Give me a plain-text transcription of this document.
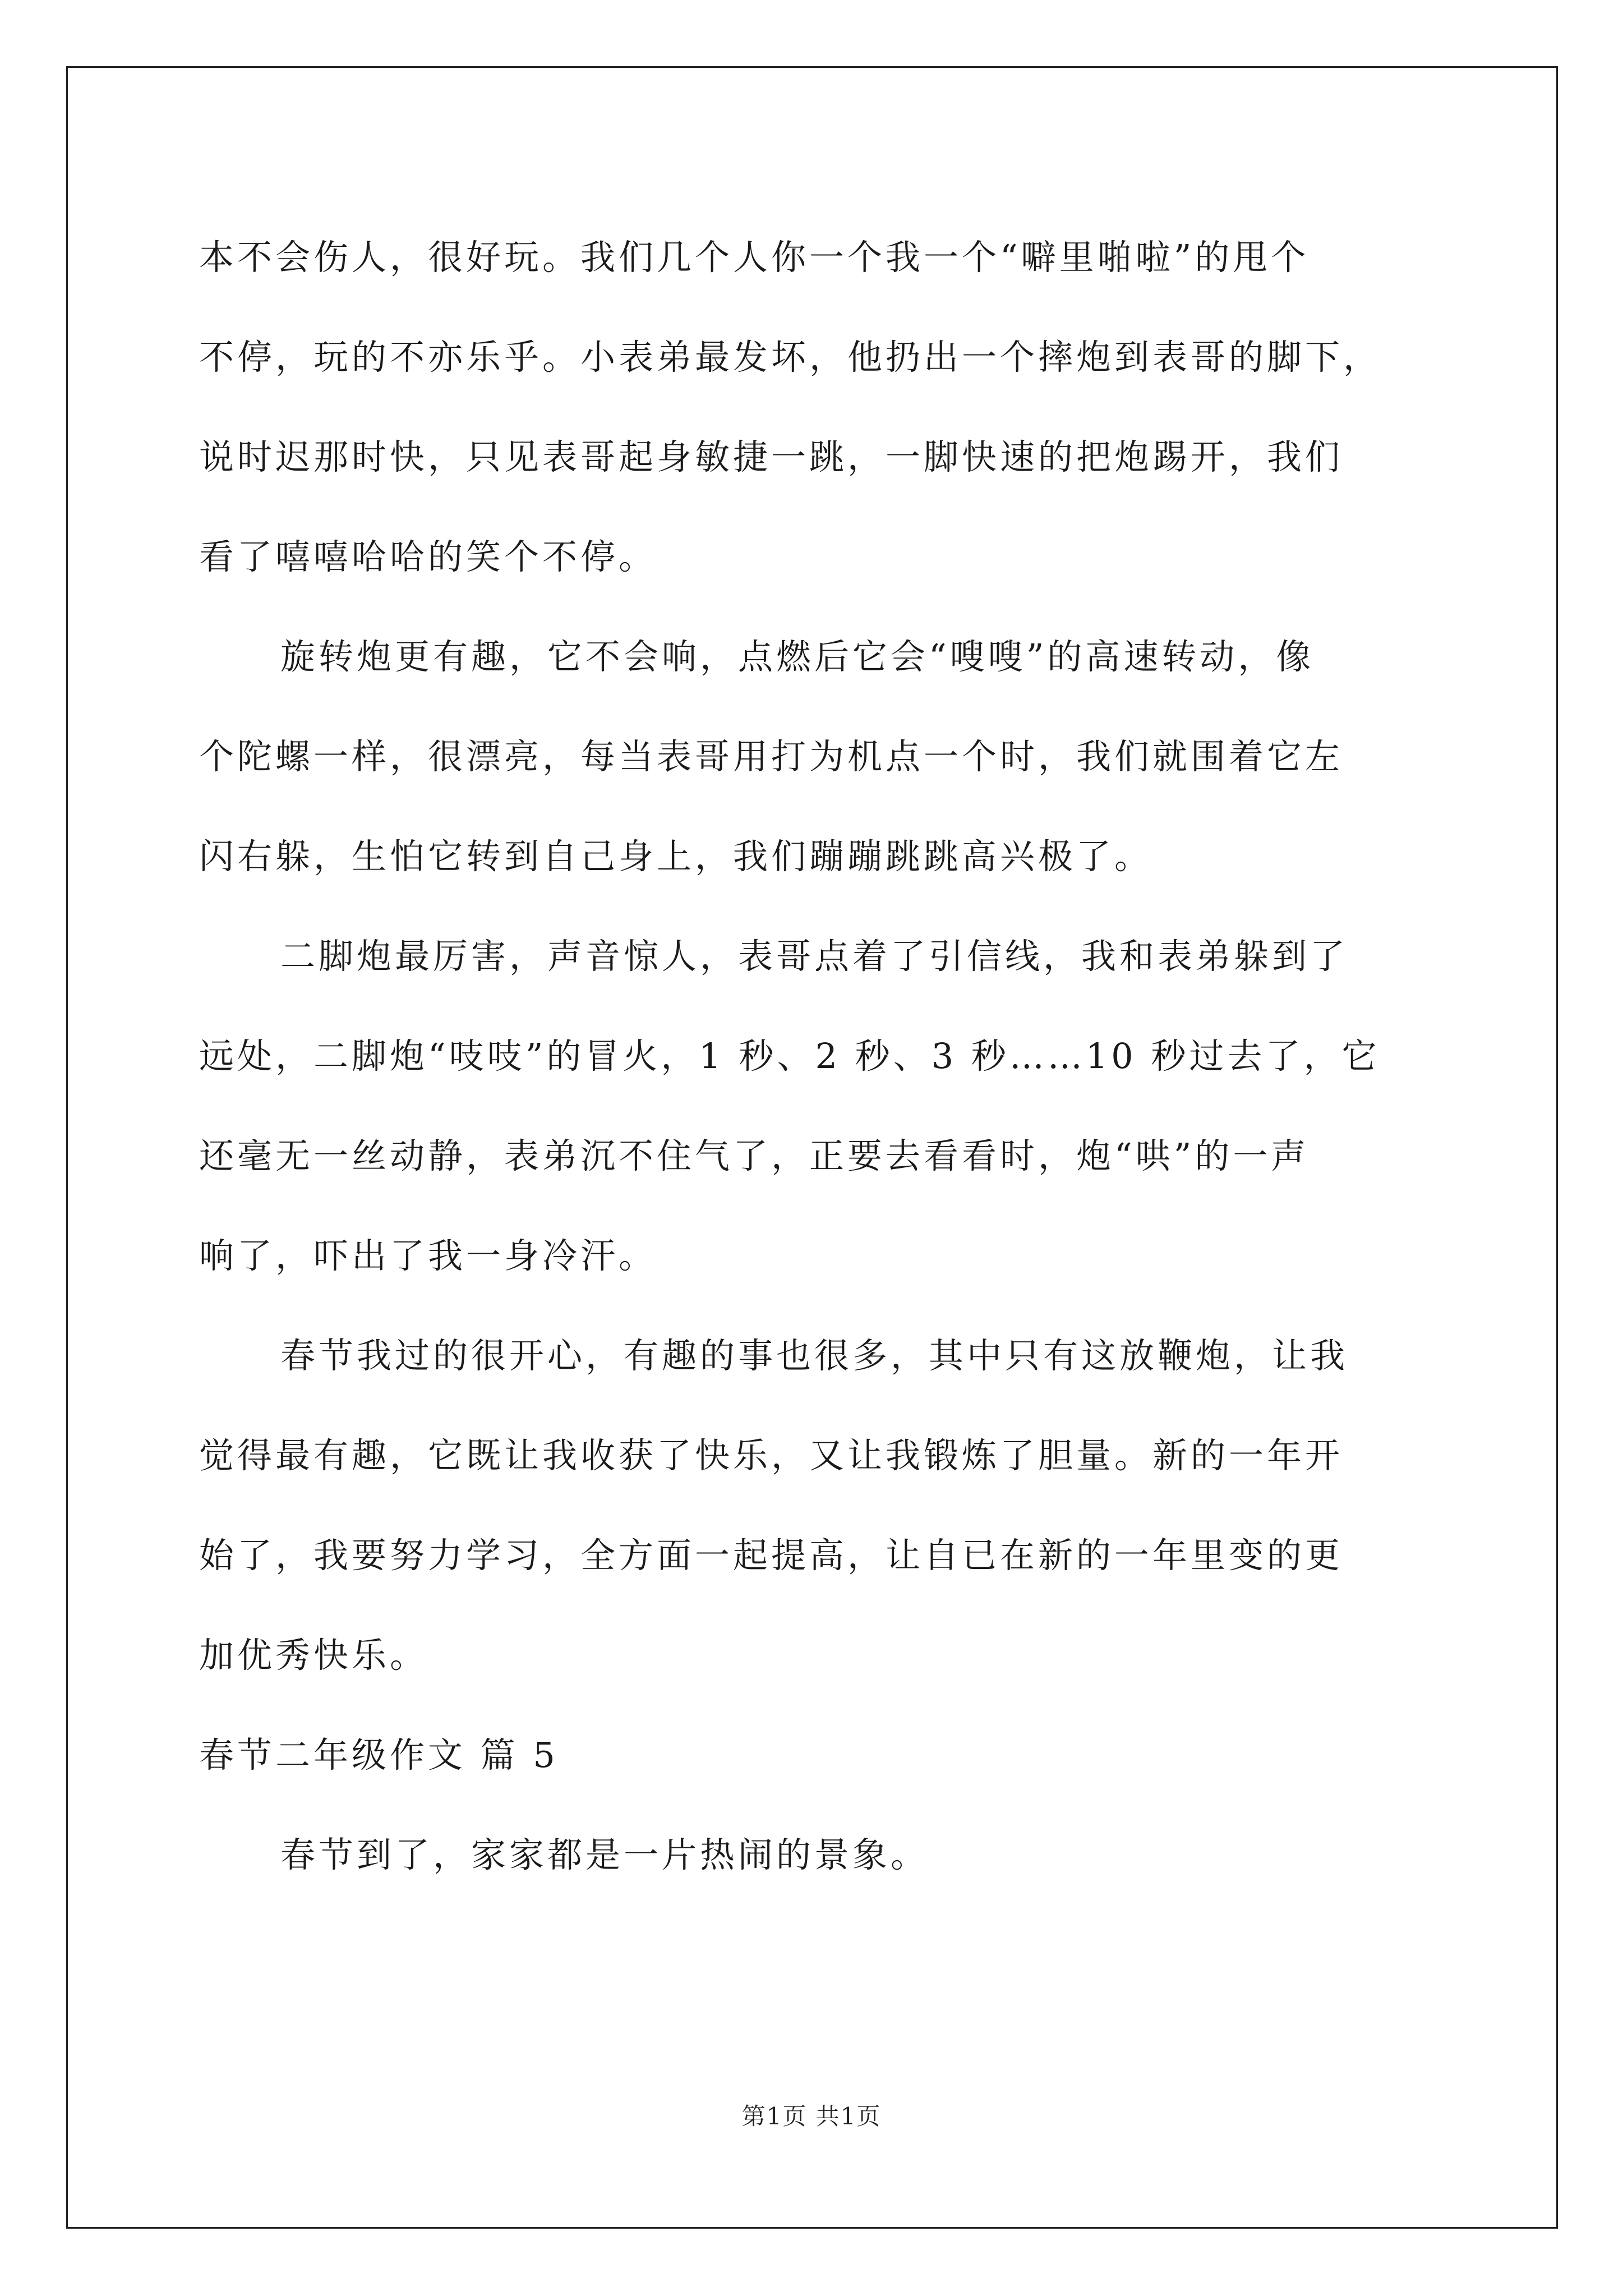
本不会伤人，很好玩。我们几个人你一个我一个“噼里啪啦”的甩个
不停，玩的不亦乐乎。小表弟最发坏，他扔出一个摔炮到表哥的脚下，
说时迟那时快，只见表哥起身敏捷一跳，一脚快速的把炮踢开，我们
看了嘻嘻哈哈的笑个不停。
旋转炮更有趣，它不会响，点燃后它会“嗖嗖”的高速转动，像
个陀螺一样，很漂亮，每当表哥用打为机点一个时，我们就围着它左
闪右躲，生怕它转到自己身上，我们蹦蹦跳跳高兴极了。
二脚炮最厉害，声音惊人，表哥点着了引信线，我和表弟躲到了
远处，二脚炮“吱吱”的冒火，1 秒、2 秒、3 秒……10 秒过去了，它
还毫无一丝动静，表弟沉不住气了，正要去看看时，炮“哄”的一声
响了，吓出了我一身冷汗。
春节我过的很开心，有趣的事也很多，其中只有这放鞭炮，让我
觉得最有趣，它既让我收获了快乐，又让我锻炼了胆量。新的一年开
始了，我要努力学习，全方面一起提高，让自已在新的一年里变的更
加优秀快乐。
春节二年级作文 篇 5
春节到了，家家都是一片热闹的景象。
第1页 共1页
